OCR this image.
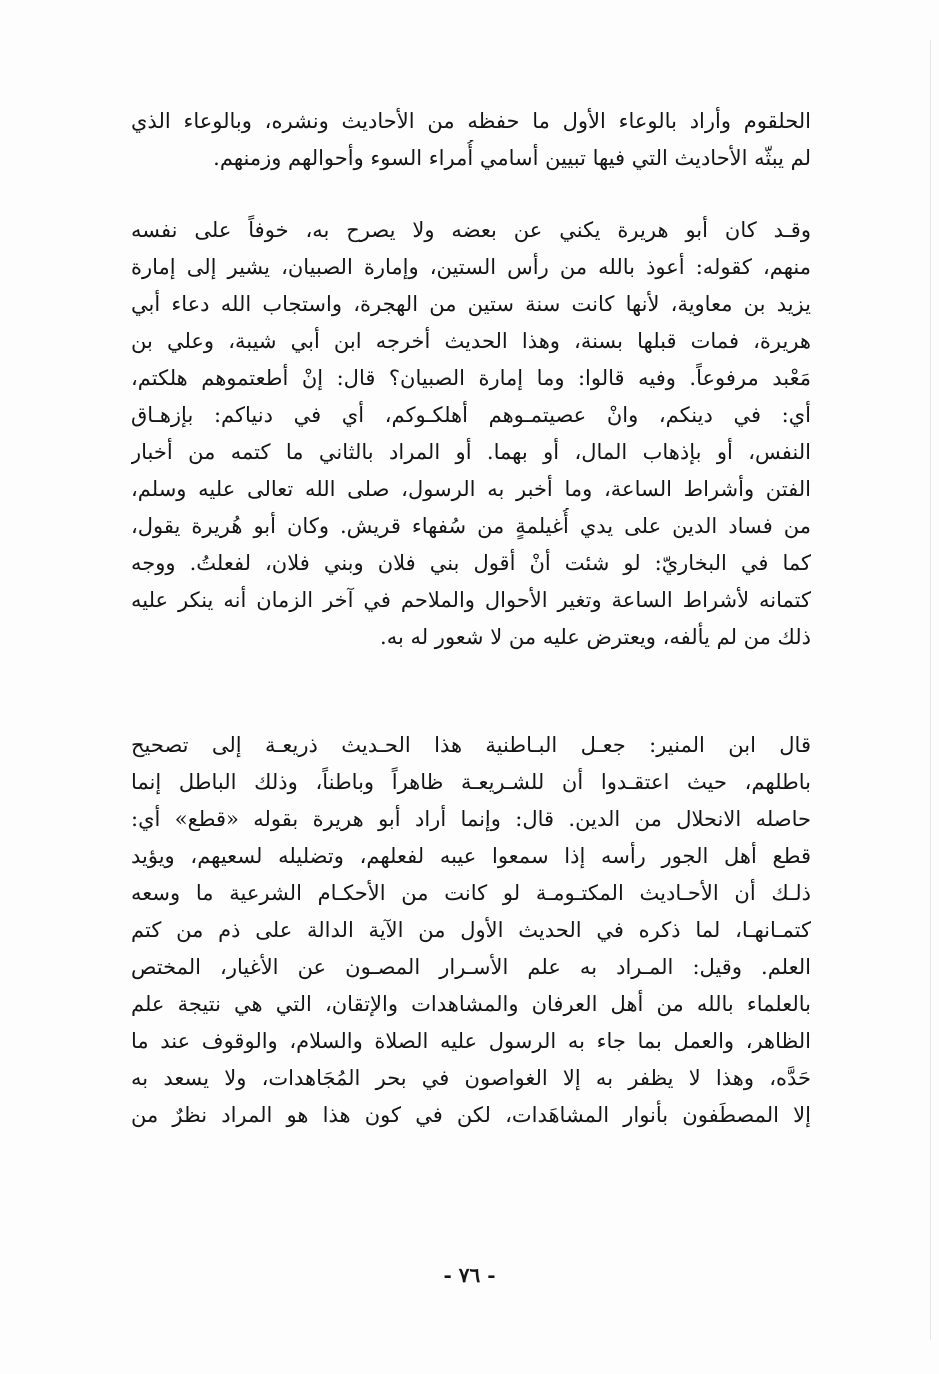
الحلقوم وأراد بالوعاء الأول ما حفظه من الأحاديث ونشره، وبالوعاء الذي
لم يبثّه الأحاديث التي فيها تبيين أسامي أُمراء السوء وأحوالهم وزمنهم.
وقـد كان أبو هريرة يكني عن بعضه ولا يصرح به، خوفاً على نفسه
منهم، كقوله: أعوذ بالله من رأس الستين، وإمارة الصبيان، يشير إلى إمارة
يزيد بن معاوية، لأنها كانت سنة ستين من الهجرة، واستجاب الله دعاء أبي
هريرة، فمات قبلها بسنة، وهذا الحديث أخرجه ابن أبي شيبة، وعلي بن
مَعْبد مرفوعاً. وفيه قالوا: وما إمارة الصبيان؟ قال: إنْ أطعتموهم هلكتم،
أي: في دينكم، وانْ عصيتمـوهم أهلكـوكم، أي في دنياكم: بإزهـاق
النفس، أو بإذهاب المال، أو بهما. أو المراد بالثاني ما كتمه من أخبار
الفتن وأشراط الساعة، وما أخبر به الرسول، صلى الله تعالى عليه وسلم،
من فساد الدين على يدي أُغيلمةٍ من سُفهاء قريش. وكان أبو هُريرة يقول،
كما في البخاريّ: لو شئت أنْ أقول بني فلان وبني فلان، لفعلتُ. ووجه
كتمانه لأشراط الساعة وتغير الأحوال والملاحم في آخر الزمان أنه ينكر عليه
ذلك من لم يألفه، ويعترض عليه من لا شعور له به.
قال ابن المنير: جعـل البـاطنية هذا الحـديث ذريعـة إلى تصحيح
باطلهم، حيث اعتقـدوا أن للشـريعـة ظاهراً وباطناً، وذلك الباطل إنما
حاصله الانحلال من الدين. قال: وإنما أراد أبو هريرة بقوله «قطع» أي:
قطع أهل الجور رأسه إذا سمعوا عيبه لفعلهم، وتضليله لسعيهم، ويؤيد
ذلـك أن الأحـاديث المكتـومـة لو كانت من الأحكـام الشرعية ما وسعه
كتمـانهـا، لما ذكره في الحديث الأول من الآية الدالة على ذم من كتم
العلم. وقيل: المـراد به علم الأسـرار المصـون عن الأغيار، المختص
بالعلماء بالله من أهل العرفان والمشاهدات والإتقان، التي هي نتيجة علم
الظاهر، والعمل بما جاء به الرسول عليه الصلاة والسلام، والوقوف عند ما
حَدَّه، وهذا لا يظفر به إلا الغواصون في بحر المُجَاهدات، ولا يسعد به
إلا المصطَفون بأنوار المشاهَدات، لكن في كون هذا هو المراد نظرٌ من
- ٧٦ -
